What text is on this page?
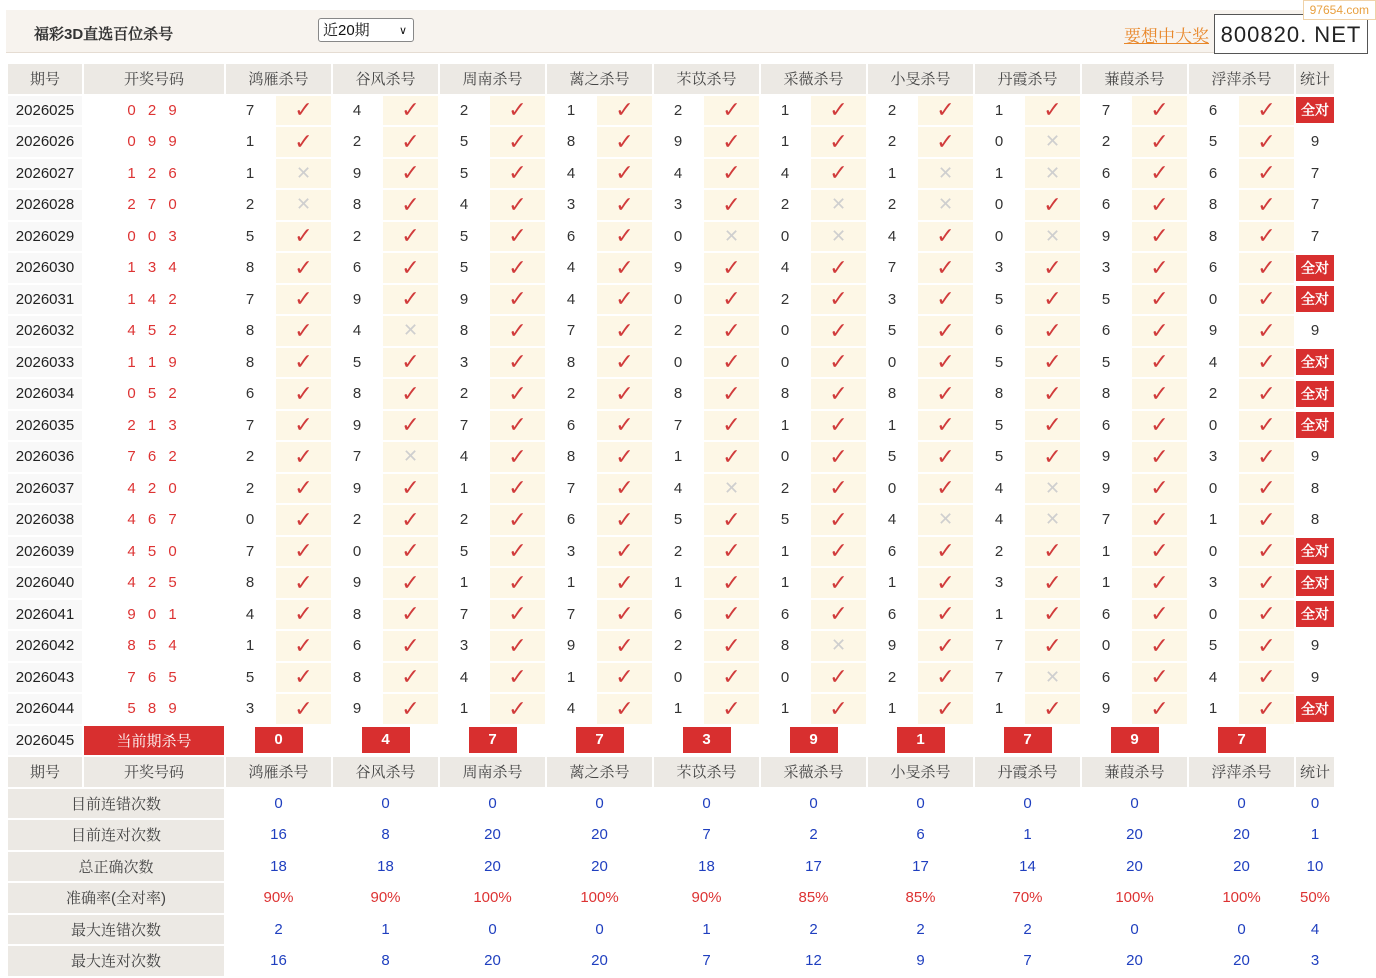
福彩3D直选百位杀号	近20期	∨	要想中大奖 800820. NET
97654.com
期号	开奖号码	鸿雁杀号		谷风杀号		周南杀号		蓠之杀号		芣苡杀号		采薇杀号		小旻杀号		丹霞杀号		蒹葭杀号		浮萍杀号		统计
2026025	0 2 9	7	✓	4	✓	2	✓	1	✓	2	✓	1	✓	2	✓	1	✓	7	✓	6	✓	全对
2026026	0 9 9	1	✓	2	✓	5	✓	8	✓	9	✓	1	✓	2	✓	0	✕	2	✓	5	✓	9
2026027	1 2 6	1	✕	9	✓	5	✓	4	✓	4	✓	4	✓	1	✕	1	✕	6	✓	6	✓	7
2026028	2 7 0	2	✕	8	✓	4	✓	3	✓	3	✓	2	✕	2	✕	0	✓	6	✓	8	✓	7
2026029	0 0 3	5	✓	2	✓	5	✓	6	✓	0	✕	0	✕	4	✓	0	✕	9	✓	8	✓	7
2026030	1 3 4	8	✓	6	✓	5	✓	4	✓	9	✓	4	✓	7	✓	3	✓	3	✓	6	✓	全对
2026031	1 4 2	7	✓	9	✓	9	✓	4	✓	0	✓	2	✓	3	✓	5	✓	5	✓	0	✓	全对
2026032	4 5 2	8	✓	4	✕	8	✓	7	✓	2	✓	0	✓	5	✓	6	✓	6	✓	9	✓	9
2026033	1 1 9	8	✓	5	✓	3	✓	8	✓	0	✓	0	✓	0	✓	5	✓	5	✓	4	✓	全对
2026034	0 5 2	6	✓	8	✓	2	✓	2	✓	8	✓	8	✓	8	✓	8	✓	8	✓	2	✓	全对
2026035	2 1 3	7	✓	9	✓	7	✓	6	✓	7	✓	1	✓	1	✓	5	✓	6	✓	0	✓	全对
2026036	7 6 2	2	✓	7	✕	4	✓	8	✓	1	✓	0	✓	5	✓	5	✓	9	✓	3	✓	9
2026037	4 2 0	2	✓	9	✓	1	✓	7	✓	4	✕	2	✓	0	✓	4	✕	9	✓	0	✓	8
2026038	4 6 7	0	✓	2	✓	2	✓	6	✓	5	✓	5	✓	4	✕	4	✕	7	✓	1	✓	8
2026039	4 5 0	7	✓	0	✓	5	✓	3	✓	2	✓	1	✓	6	✓	2	✓	1	✓	0	✓	全对
2026040	4 2 5	8	✓	9	✓	1	✓	1	✓	1	✓	1	✓	1	✓	3	✓	1	✓	3	✓	全对
2026041	9 0 1	4	✓	8	✓	7	✓	7	✓	6	✓	6	✓	6	✓	1	✓	6	✓	0	✓	全对
2026042	8 5 4	1	✓	6	✓	3	✓	9	✓	2	✓	8	✕	9	✓	7	✓	0	✓	5	✓	9
2026043	7 6 5	5	✓	8	✓	4	✓	1	✓	0	✓	0	✓	2	✓	7	✕	6	✓	4	✓	9
2026044	5 8 9	3	✓	9	✓	1	✓	4	✓	1	✓	1	✓	1	✓	1	✓	9	✓	1	✓	全对
2026045	当前期杀号	0		4		7		7		3		9		1		7		9		7		
期号	开奖号码	鸿雁杀号		谷风杀号		周南杀号		蓠之杀号		芣苡杀号		采薇杀号		小旻杀号		丹霞杀号		蒹葭杀号		浮萍杀号		统计
目前连错次数		0		0		0		0		0		0		0		0		0		0		0
目前连对次数		16		8		20		20		7		2		6		1		20		20		1
总正确次数		18		18		20		20		18		17		17		14		20		20		10
准确率(全对率)		90%		90%		100%		100%		90%		85%		85%		70%		100%		100%		50%
最大连错次数		2		1		0		0		1		2		2		2		0		0		4
最大连对次数		16		8		20		20		7		12		9		7		20		20		3
